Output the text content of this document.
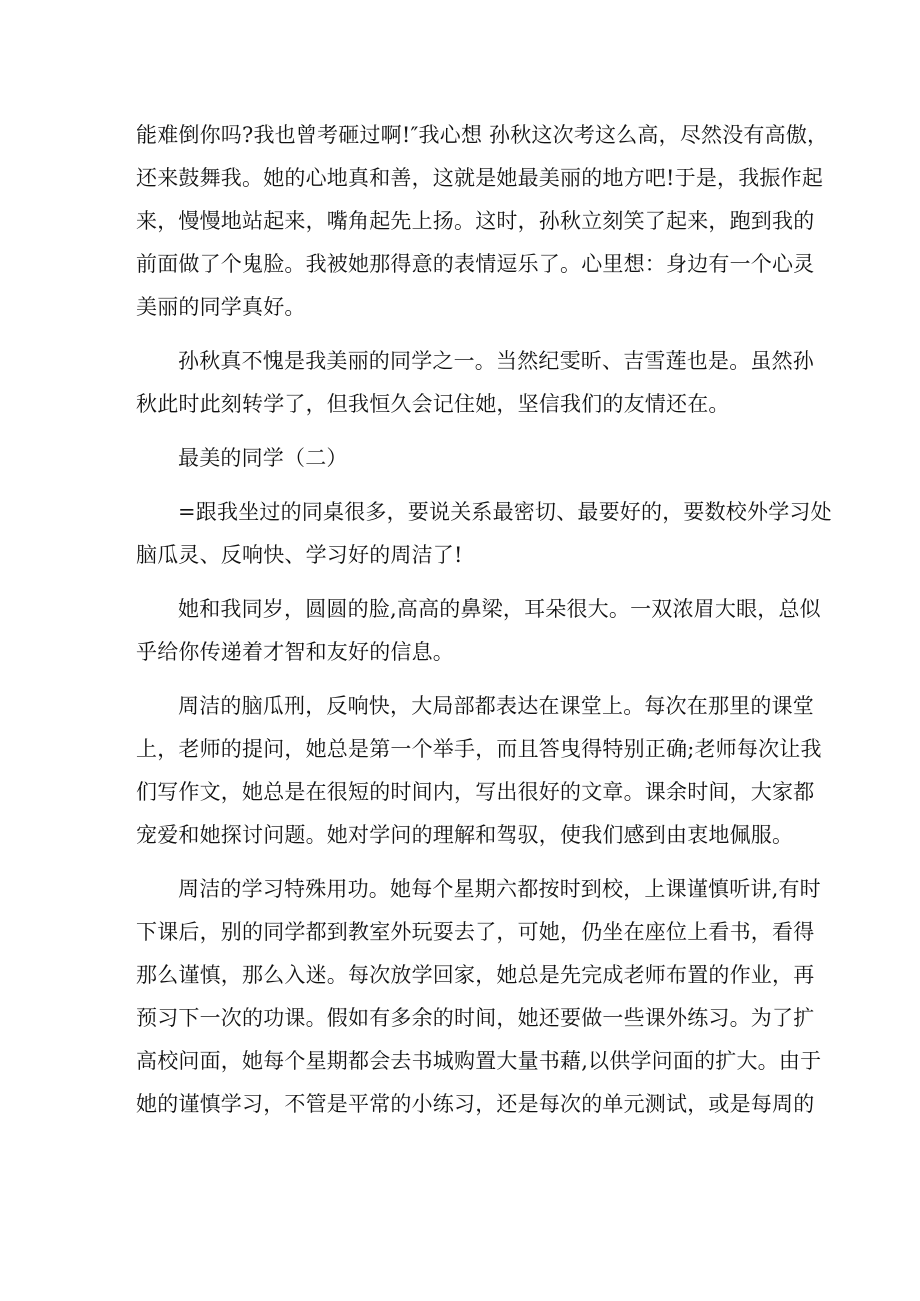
能难倒你吗?我也曾考砸过啊!″我心想 孙秋这次考这么高，尽然没有高傲，
还来鼓舞我。她的心地真和善，这就是她最美丽的地方吧!于是，我振作起
来，慢慢地站起来，嘴角起先上扬。这时，孙秋立刻笑了起来，跑到我的
前面做了个鬼脸。我被她那得意的表情逗乐了。心里想：身边有一个心灵
美丽的同学真好。
孙秋真不愧是我美丽的同学之一。当然纪雯昕、吉雪莲也是。虽然孙
秋此时此刻转学了，但我恒久会记住她，坚信我们的友情还在。
最美的同学（二）
=跟我坐过的同桌很多，要说关系最密切、最要好的，要数校外学习处
脑瓜灵、反响快、学习好的周洁了!
她和我同岁，圆圆的脸,高高的鼻梁，耳朵很大。一双浓眉大眼，总似
乎给你传递着才智和友好的信息。
周洁的脑瓜刑，反响快，大局部都表达在课堂上。每次在那里的课堂
上，老师的提问，她总是第一个举手，而且答曳得特别正确;老师每次让我
们写作文，她总是在很短的时间内，写出很好的文章。课余时间，大家都
宠爱和她探讨问题。她对学问的理解和驾驭，使我们感到由衷地佩服。
周洁的学习特殊用功。她每个星期六都按时到校，上课谨慎听讲,有时
下课后，别的同学都到教室外玩耍去了，可她，仍坐在座位上看书，看得
那么谨慎，那么入迷。每次放学回家，她总是先完成老师布置的作业，再
预习下一次的功课。假如有多余的时间，她还要做一些课外练习。为了扩
高校问面，她每个星期都会去书城购置大量书藉,以供学问面的扩大。由于
她的谨慎学习，不管是平常的小练习，还是每次的单元测试，或是每周的
